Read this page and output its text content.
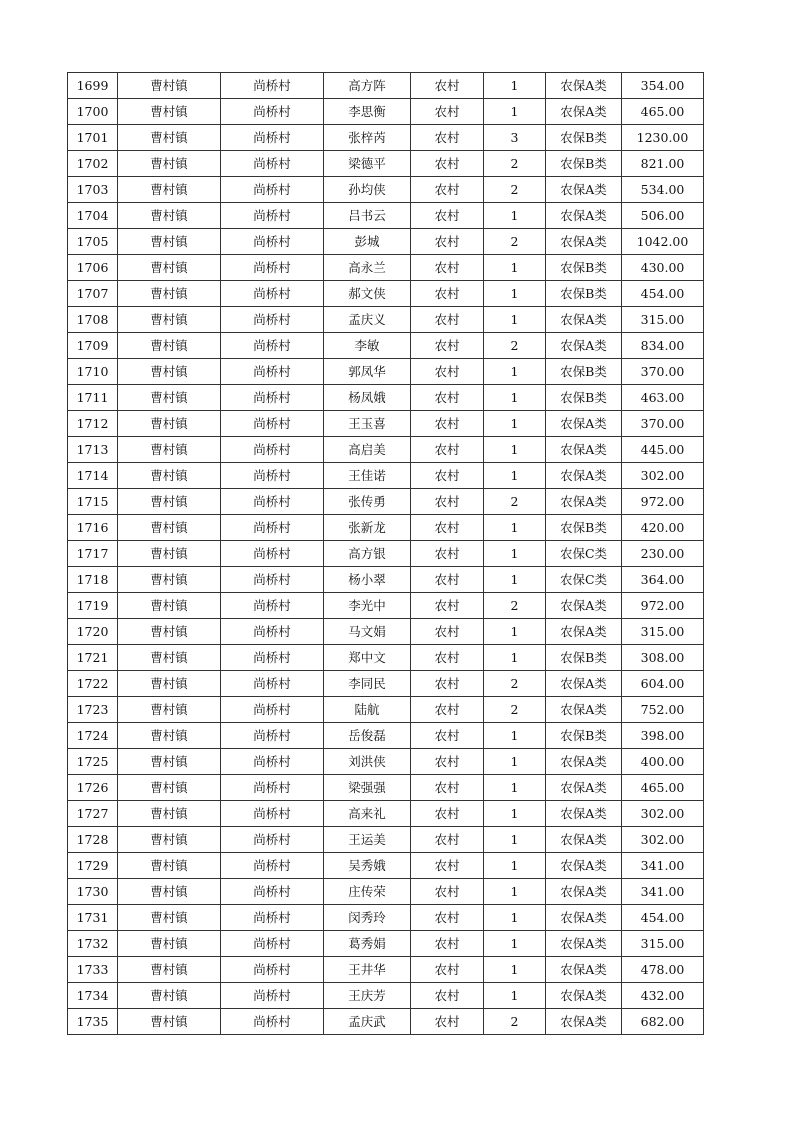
1699	曹村镇	尚桥村	高方阵	农村	1	农保A类	354.00
1700	曹村镇	尚桥村	李思衡	农村	1	农保A类	465.00
1701	曹村镇	尚桥村	张梓芮	农村	3	农保B类	1230.00
1702	曹村镇	尚桥村	梁德平	农村	2	农保B类	821.00
1703	曹村镇	尚桥村	孙均侠	农村	2	农保A类	534.00
1704	曹村镇	尚桥村	吕书云	农村	1	农保A类	506.00
1705	曹村镇	尚桥村	彭城	农村	2	农保A类	1042.00
1706	曹村镇	尚桥村	高永兰	农村	1	农保B类	430.00
1707	曹村镇	尚桥村	郝文侠	农村	1	农保B类	454.00
1708	曹村镇	尚桥村	孟庆义	农村	1	农保A类	315.00
1709	曹村镇	尚桥村	李敏	农村	2	农保A类	834.00
1710	曹村镇	尚桥村	郭凤华	农村	1	农保B类	370.00
1711	曹村镇	尚桥村	杨凤娥	农村	1	农保B类	463.00
1712	曹村镇	尚桥村	王玉喜	农村	1	农保A类	370.00
1713	曹村镇	尚桥村	高启美	农村	1	农保A类	445.00
1714	曹村镇	尚桥村	王佳诺	农村	1	农保A类	302.00
1715	曹村镇	尚桥村	张传勇	农村	2	农保A类	972.00
1716	曹村镇	尚桥村	张新龙	农村	1	农保B类	420.00
1717	曹村镇	尚桥村	高方银	农村	1	农保C类	230.00
1718	曹村镇	尚桥村	杨小翠	农村	1	农保C类	364.00
1719	曹村镇	尚桥村	李光中	农村	2	农保A类	972.00
1720	曹村镇	尚桥村	马文娟	农村	1	农保A类	315.00
1721	曹村镇	尚桥村	郑中文	农村	1	农保B类	308.00
1722	曹村镇	尚桥村	李同民	农村	2	农保A类	604.00
1723	曹村镇	尚桥村	陆航	农村	2	农保A类	752.00
1724	曹村镇	尚桥村	岳俊磊	农村	1	农保B类	398.00
1725	曹村镇	尚桥村	刘洪侠	农村	1	农保A类	400.00
1726	曹村镇	尚桥村	梁强强	农村	1	农保A类	465.00
1727	曹村镇	尚桥村	高来礼	农村	1	农保A类	302.00
1728	曹村镇	尚桥村	王运美	农村	1	农保A类	302.00
1729	曹村镇	尚桥村	吴秀娥	农村	1	农保A类	341.00
1730	曹村镇	尚桥村	庄传荣	农村	1	农保A类	341.00
1731	曹村镇	尚桥村	闵秀玲	农村	1	农保A类	454.00
1732	曹村镇	尚桥村	葛秀娟	农村	1	农保A类	315.00
1733	曹村镇	尚桥村	王井华	农村	1	农保A类	478.00
1734	曹村镇	尚桥村	王庆芳	农村	1	农保A类	432.00
1735	曹村镇	尚桥村	孟庆武	农村	2	农保A类	682.00
